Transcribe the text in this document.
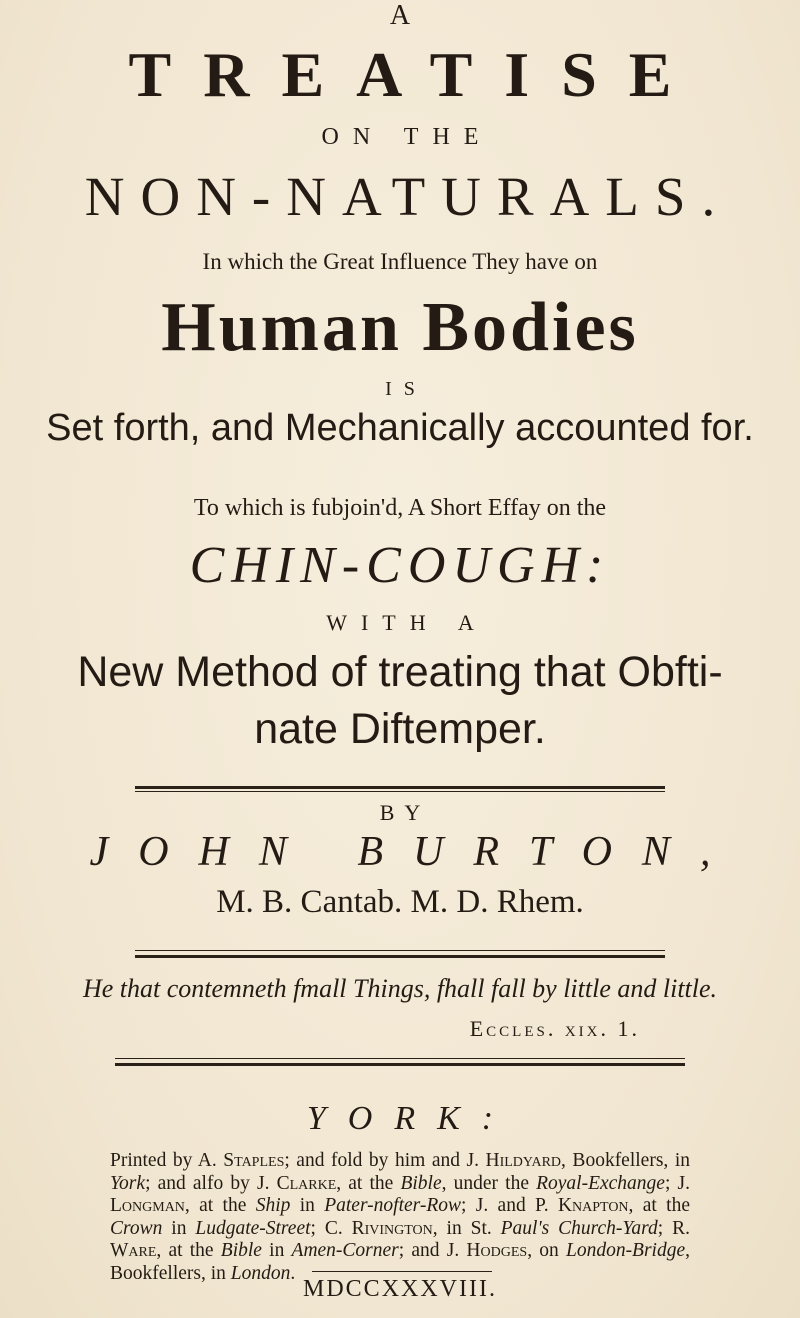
A
TREATISE
ON THE
NON-NATURALS.
In which the Great Influence They have on
Human Bodies
IS
Set forth, and Mechanically accounted for.
To which is fubjoin'd, A Short Effay on the
CHIN-COUGH:
WITH A
New Method of treating that Obfti-
nate Diftemper.
BY
JOHN BURTON,
M. B. Cantab. M. D. Rhem.
He that contemneth fmall Things, fhall fall by little and little.
Eccles. xix. 1.
YORK:
Printed by A. Staples; and fold by him and J. Hildyard, Bookfellers, in York; and alfo by J. Clarke, at the Bible, under the Royal-Exchange; J. Longman, at the Ship in Pater-nofter-Row; J. and P. Knapton, at the Crown in Ludgate-Street; C. Rivington, in St. Paul's Church-Yard; R. Ware, at the Bible in Amen-Corner; and J. Hodges, on London-Bridge, Bookfellers, in London.
MDCCXXXVIII.
